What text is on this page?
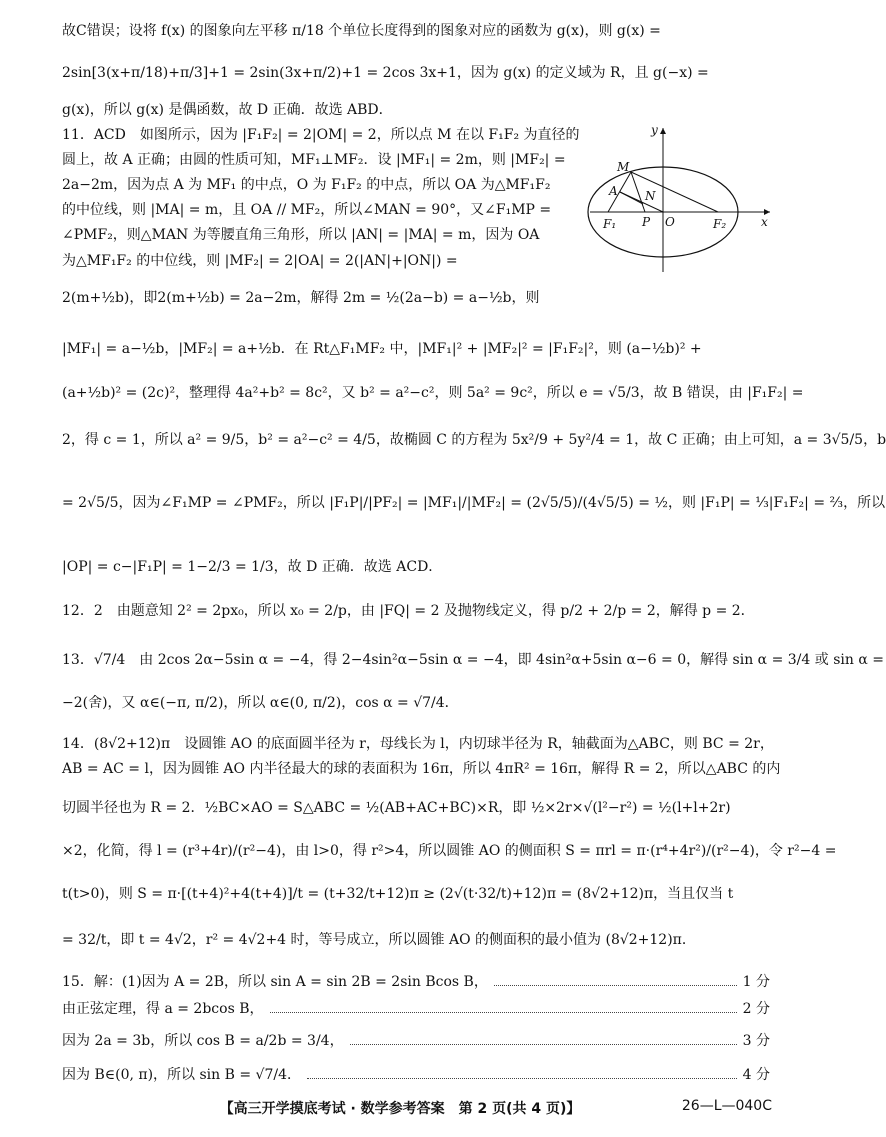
故C错误；设将 f(x) 的图象向左平移 π/18 个单位长度得到的图象对应的函数为 g(x)，则 g(x) =
2sin[3(x+π/18)+π/3]+1 = 2sin(3x+π/2)+1 = 2cos 3x+1，因为 g(x) 的定义域为 R，且 g(−x) =
g(x)，所以 g(x) 是偶函数，故 D 正确．故选 ABD．
11．ACD　如图所示，因为 |F₁F₂| = 2|OM| = 2，所以点 M 在以 F₁F₂ 为直径的
圆上，故 A 正确；由圆的性质可知，MF₁⊥MF₂．设 |MF₁| = 2m，则 |MF₂| =
2a−2m，因为点 A 为 MF₁ 的中点，O 为 F₁F₂ 的中点，所以 OA 为△MF₁F₂
的中位线，则 |MA| = m，且 OA // MF₂，所以∠MAN = 90°，又∠F₁MP =
∠PMF₂，则△MAN 为等腰直角三角形，所以 |AN| = |MA| = m，因为 OA
为△MF₁F₂ 的中位线，则 |MF₂| = 2|OA| = 2(|AN|+|ON|) =
2(m+½b)，即2(m+½b) = 2a−2m，解得 2m = ½(2a−b) = a−½b，则
M
A N
F₁ P O	F₂
y
x
|MF₁| = a−½b，|MF₂| = a+½b．在 Rt△F₁MF₂ 中，|MF₁|² + |MF₂|² = |F₁F₂|²，则 (a−½b)² +
(a+½b)² = (2c)²，整理得 4a²+b² = 8c²，又 b² = a²−c²，则 5a² = 9c²，所以 e = √5/3，故 B 错误，由 |F₁F₂| =
2，得 c = 1，所以 a² = 9/5，b² = a²−c² = 4/5，故椭圆 C 的方程为 5x²/9 + 5y²/4 = 1，故 C 正确；由上可知，a = 3√5/5，b
= 2√5/5，因为∠F₁MP = ∠PMF₂，所以 |F₁P|/|PF₂| = |MF₁|/|MF₂| = (2√5/5)/(4√5/5) = ½，则 |F₁P| = ⅓|F₁F₂| = ⅔，所以
|OP| = c−|F₁P| = 1−2/3 = 1/3，故 D 正确．故选 ACD．
12．2　由题意知 2² = 2px₀，所以 x₀ = 2/p，由 |FQ| = 2 及抛物线定义，得 p/2 + 2/p = 2，解得 p = 2．
13．√7/4　由 2cos 2α−5sin α = −4，得 2−4sin²α−5sin α = −4，即 4sin²α+5sin α−6 = 0，解得 sin α = 3/4 或 sin α =
−2(舍)，又 α∈(−π, π/2)，所以 α∈(0, π/2)，cos α = √7/4．
14．(8√2+12)π　设圆锥 AO 的底面圆半径为 r，母线长为 l，内切球半径为 R，轴截面为△ABC，则 BC = 2r，
AB = AC = l，因为圆锥 AO 内半径最大的球的表面积为 16π，所以 4πR² = 16π，解得 R = 2，所以△ABC 的内
切圆半径也为 R = 2．½BC×AO = S△ABC = ½(AB+AC+BC)×R，即 ½×2r×√(l²−r²) = ½(l+l+2r)
×2，化简，得 l = (r³+4r)/(r²−4)，由 l>0，得 r²>4，所以圆锥 AO 的侧面积 S = πrl = π·(r⁴+4r²)/(r²−4)，令 r²−4 =
t(t>0)，则 S = π·[(t+4)²+4(t+4)]/t = (t+32/t+12)π ≥ (2√(t·32/t)+12)π = (8√2+12)π，当且仅当 t
= 32/t，即 t = 4√2，r² = 4√2+4 时，等号成立，所以圆锥 AO 的侧面积的最小值为 (8√2+12)π．
15．解：(1)因为 A = 2B，所以 sin A = sin 2B = 2sin Bcos B，	1 分
由正弦定理，得 a = 2bcos B，	2 分
因为 2a = 3b，所以 cos B = a/2b = 3/4，	3 分
因为 B∈(0, π)，所以 sin B = √7/4．	4 分
【高三开学摸底考试 · 数学参考答案　第 2 页(共 4 页)】	26—L—040C
